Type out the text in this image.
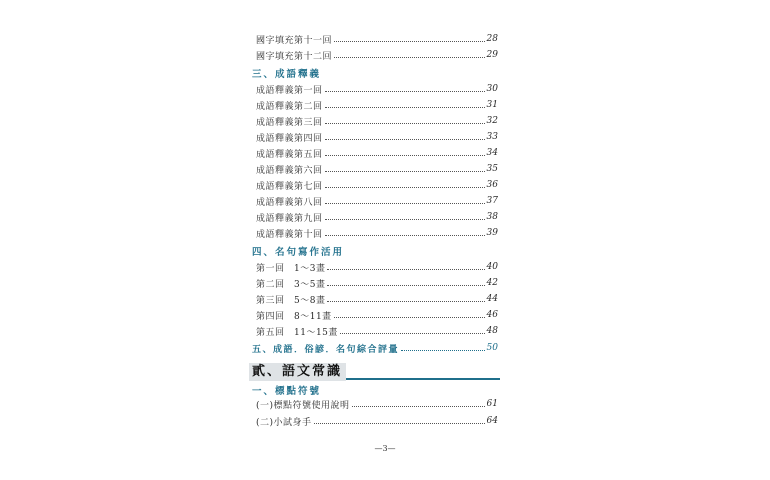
國字填充第十一回	28
國字填充第十二回	29
三、成語釋義
成語釋義第一回	30
成語釋義第二回	31
成語釋義第三回	32
成語釋義第四回	33
成語釋義第五回	34
成語釋義第六回	35
成語釋義第七回	36
成語釋義第八回	37
成語釋義第九回	38
成語釋義第十回	39
四、名句寫作活用
第一回　1～3畫	40
第二回　3～5畫	42
第三回　5～8畫	44
第四回　8～11畫	46
第五回　11～15畫	48
五、成語．俗諺．名句綜合評量	50
貳、語文常識
一、標點符號
(一)標點符號使用說明	61
(二)小試身手	64
—3—
